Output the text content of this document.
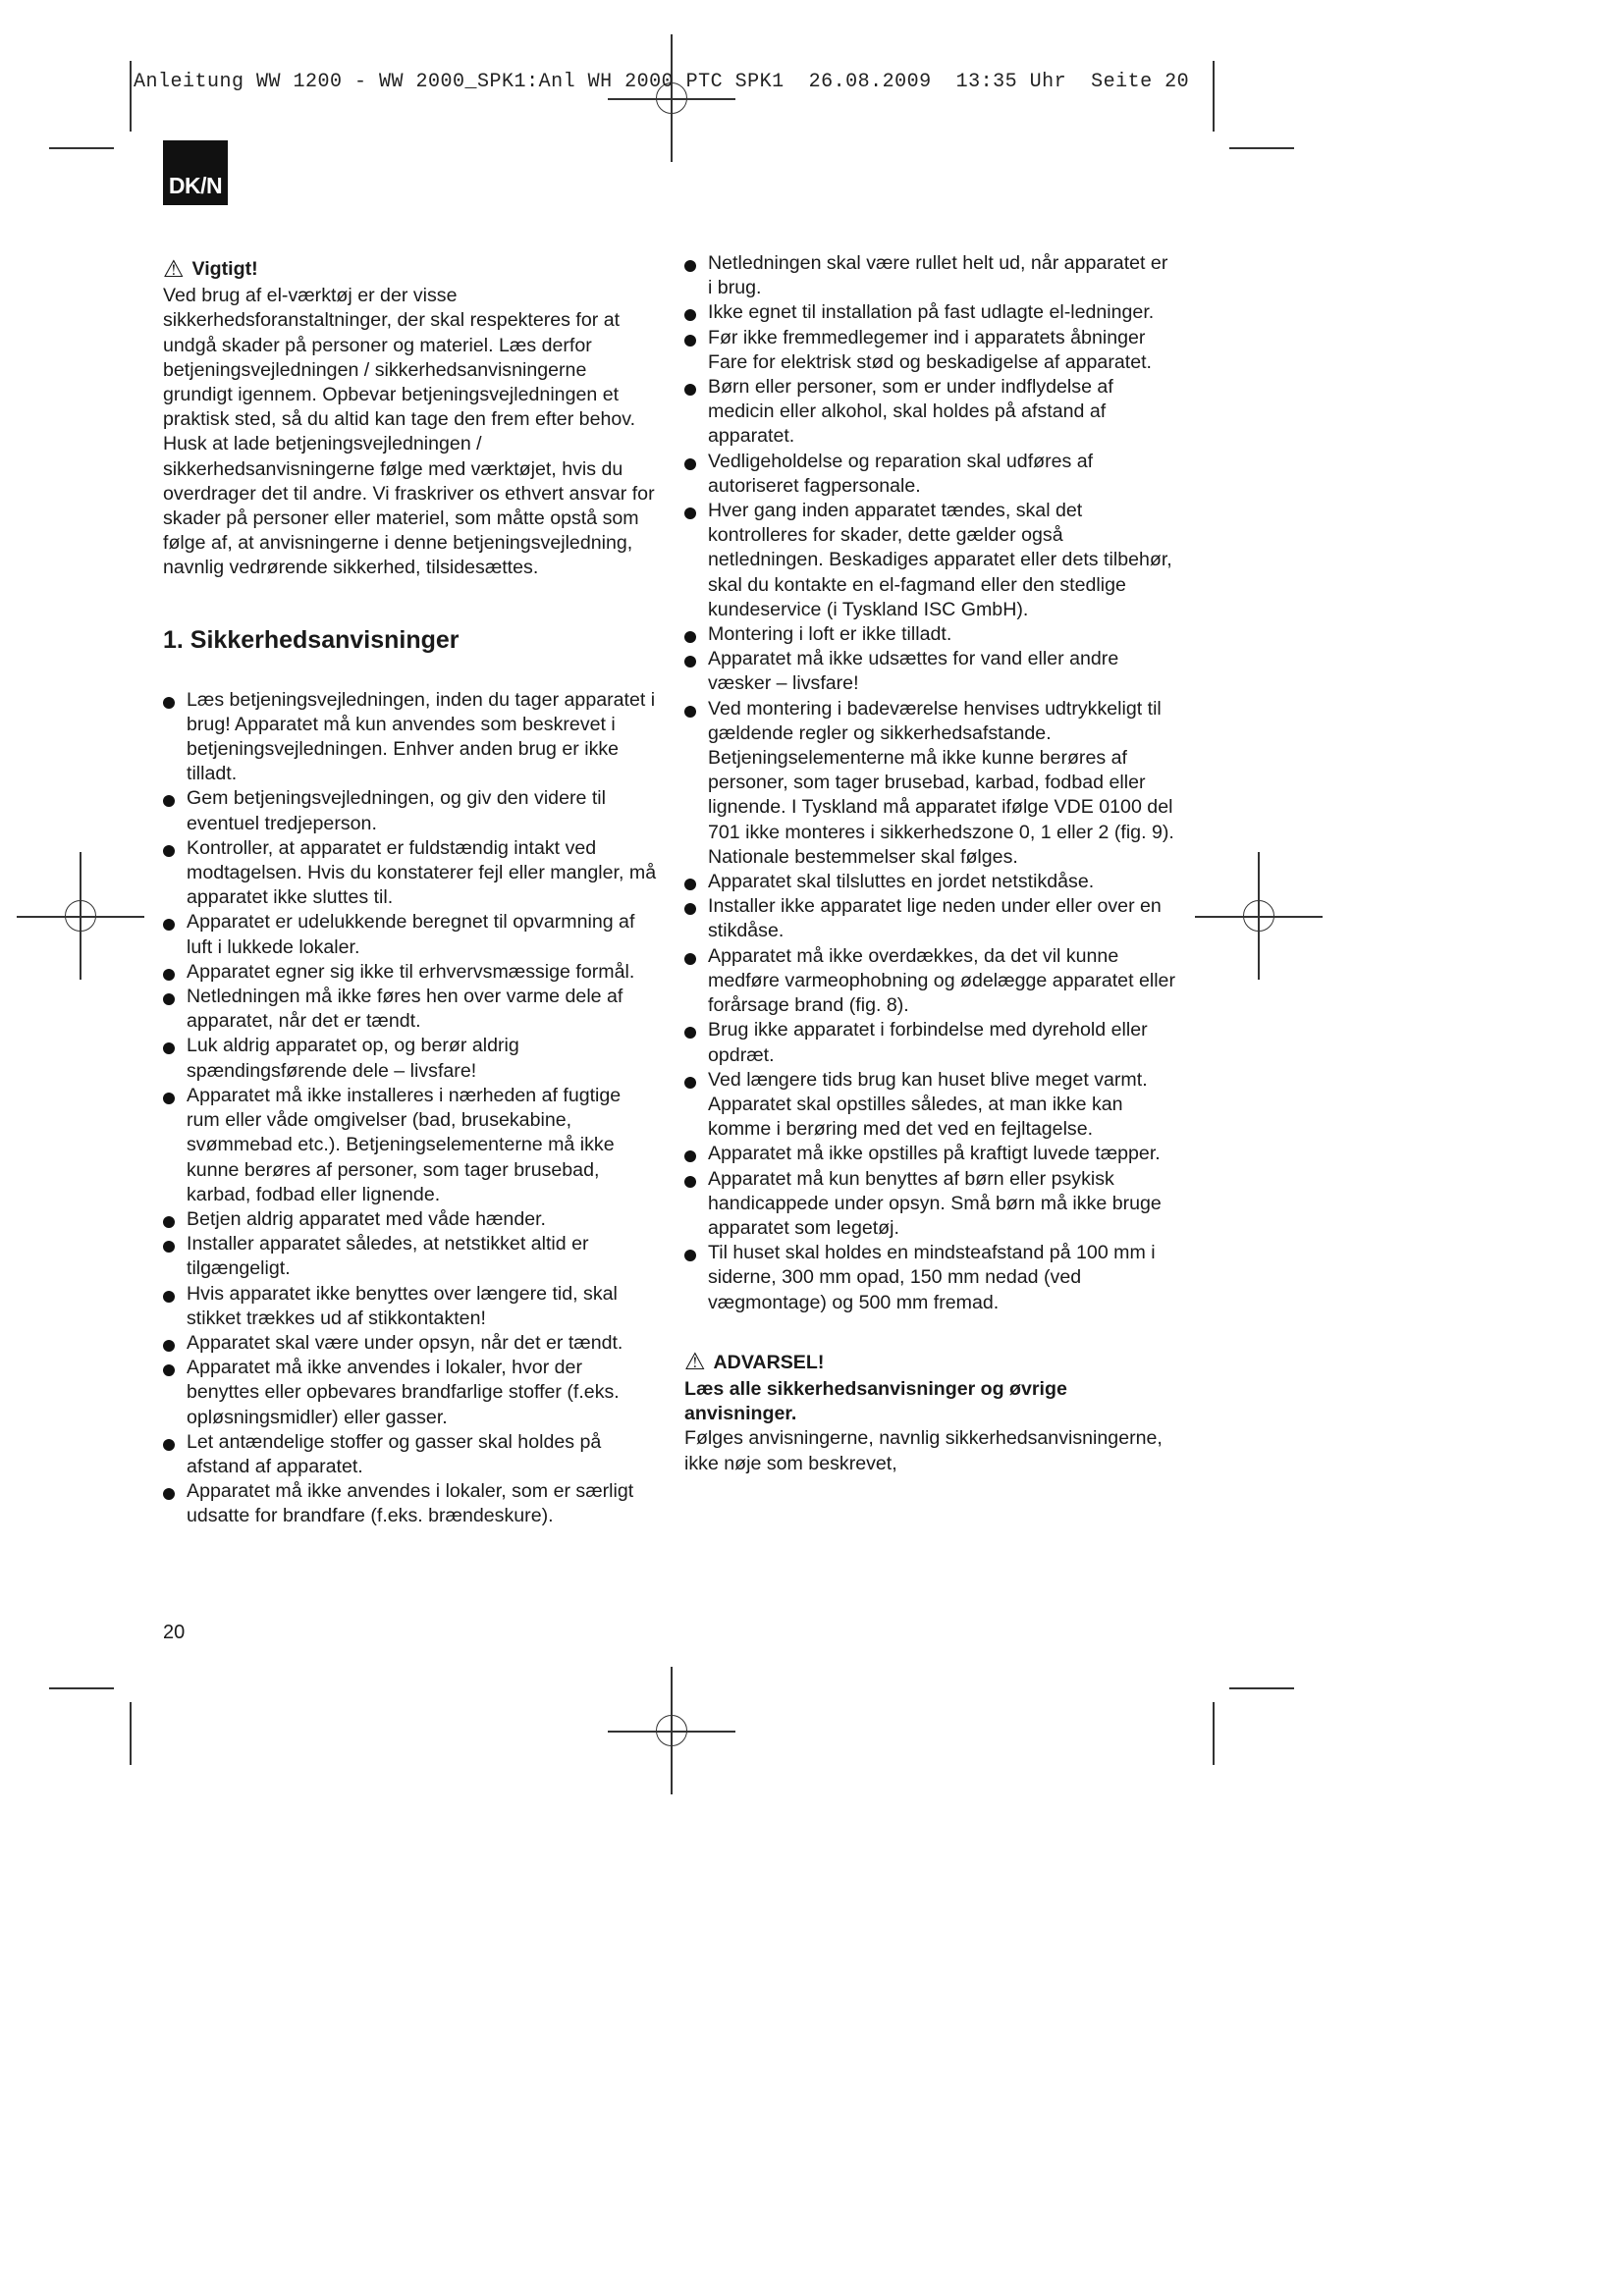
Anleitung WW 1200 - WW 2000_SPK1:Anl WH 2000 PTC SPK1  26.08.2009  13:35 Uhr  Seite 20
DK/N
⚠ Vigtigt!

Ved brug af el-værktøj er der visse sikkerhedsforanstaltninger, der skal respekteres for at undgå skader på personer og materiel. Læs derfor betjeningsvejledningen / sikkerhedsanvisningerne grundigt igennem. Opbevar betjeningsvejledningen et praktisk sted, så du altid kan tage den frem efter behov. Husk at lade betjeningsvejledningen / sikkerhedsanvisningerne følge med værktøjet, hvis du overdrager det til andre. Vi fraskriver os ethvert ansvar for skader på personer eller materiel, som måtte opstå som følge af, at anvisningerne i denne betjeningsvejledning, navnlig vedrørende sikkerhed, tilsidesættes.

1. Sikkerhedsanvisninger
Læs betjeningsvejledningen, inden du tager apparatet i brug! Apparatet må kun anvendes som beskrevet i betjeningsvejledningen. Enhver anden brug er ikke tilladt.
Gem betjeningsvejledningen, og giv den videre til eventuel tredjeperson.
Kontroller, at apparatet er fuldstændig intakt ved modtagelsen. Hvis du konstaterer fejl eller mangler, må apparatet ikke sluttes til.
Apparatet er udelukkende beregnet til opvarmning af luft i lukkede lokaler.
Apparatet egner sig ikke til erhvervsmæssige formål.
Netledningen må ikke føres hen over varme dele af apparatet, når det er tændt.
Luk aldrig apparatet op, og berør aldrig spændingsførende dele – livsfare!
Apparatet må ikke installeres i nærheden af fugtige rum eller våde omgivelser (bad, brusekabine, svømmebad etc.). Betjeningselementerne må ikke kunne berøres af personer, som tager brusebad, karbad, fodbad eller lignende.
Betjen aldrig apparatet med våde hænder.
Installer apparatet således, at netstikket altid er tilgængeligt.
Hvis apparatet ikke benyttes over længere tid, skal stikket trækkes ud af stikkontakten!
Apparatet skal være under opsyn, når det er tændt.
Apparatet må ikke anvendes i lokaler, hvor der benyttes eller opbevares brandfarlige stoffer (f.eks. opløsningsmidler) eller gasser.
Let antændelige stoffer og gasser skal holdes på afstand af apparatet.
Apparatet må ikke anvendes i lokaler, som er særligt udsatte for brandfare (f.eks. brændeskure).
Netledningen skal være rullet helt ud, når apparatet er i brug.
Ikke egnet til installation på fast udlagte el-ledninger.
Før ikke fremmedlegemer ind i apparatets åbninger
Fare for elektrisk stød og beskadigelse af apparatet.
Børn eller personer, som er under indflydelse af medicin eller alkohol, skal holdes på afstand af apparatet.
Vedligeholdelse og reparation skal udføres af autoriseret fagpersonale.
Hver gang inden apparatet tændes, skal det kontrolleres for skader, dette gælder også netledningen. Beskadiges apparatet eller dets tilbehør, skal du kontakte en el-fagmand eller den stedlige kundeservice (i Tyskland ISC GmbH).
Montering i loft er ikke tilladt.
Apparatet må ikke udsættes for vand eller andre væsker – livsfare!
Ved montering i badeværelse henvises udtrykkeligt til gældende regler og sikkerhedsafstande. Betjeningselementerne må ikke kunne berøres af personer, som tager brusebad, karbad, fodbad eller lignende. I Tyskland må apparatet ifølge VDE 0100 del 701 ikke monteres i sikkerhedszone 0, 1 eller 2 (fig. 9). Nationale bestemmelser skal følges.
Apparatet skal tilsluttes en jordet netstikdåse.
Installer ikke apparatet lige neden under eller over en stikdåse.
Apparatet må ikke overdækkes, da det vil kunne medføre varmeophobning og ødelægge apparatet eller forårsage brand (fig. 8).
Brug ikke apparatet i forbindelse med dyrehold eller opdræt.
Ved længere tids brug kan huset blive meget varmt. Apparatet skal opstilles således, at man ikke kan komme i berøring med det ved en fejltagelse.
Apparatet må ikke opstilles på kraftigt luvede tæpper.
Apparatet må kun benyttes af børn eller psykisk handicappede under opsyn. Små børn må ikke bruge apparatet som legetøj.
Til huset skal holdes en mindsteafstand på 100 mm i siderne, 300 mm opad, 150 mm nedad (ved vægmontage) og 500 mm fremad.
⚠ ADVARSEL!

Læs alle sikkerhedsanvisninger og øvrige anvisninger.

Følges anvisningerne, navnlig sikkerhedsanvisningerne, ikke nøje som beskrevet,

20
